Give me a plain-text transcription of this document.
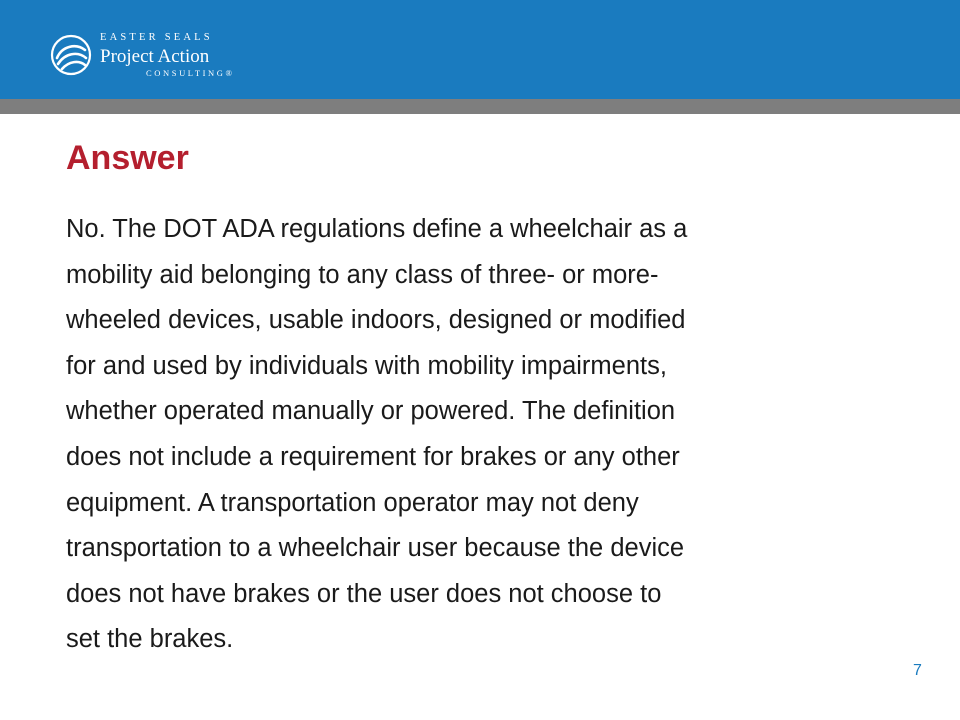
EASTER SEALS
Project Action
CONSULTING®
Answer

No. The DOT ADA regulations define a wheelchair as a
mobility aid belonging to any class of three- or more-
wheeled devices, usable indoors, designed or modified
for and used by individuals with mobility impairments,
whether operated manually or powered. The definition
does not include a requirement for brakes or any other
equipment. A transportation operator may not deny
transportation to a wheelchair user because the device
does not have brakes or the user does not choose to
set the brakes.

7
